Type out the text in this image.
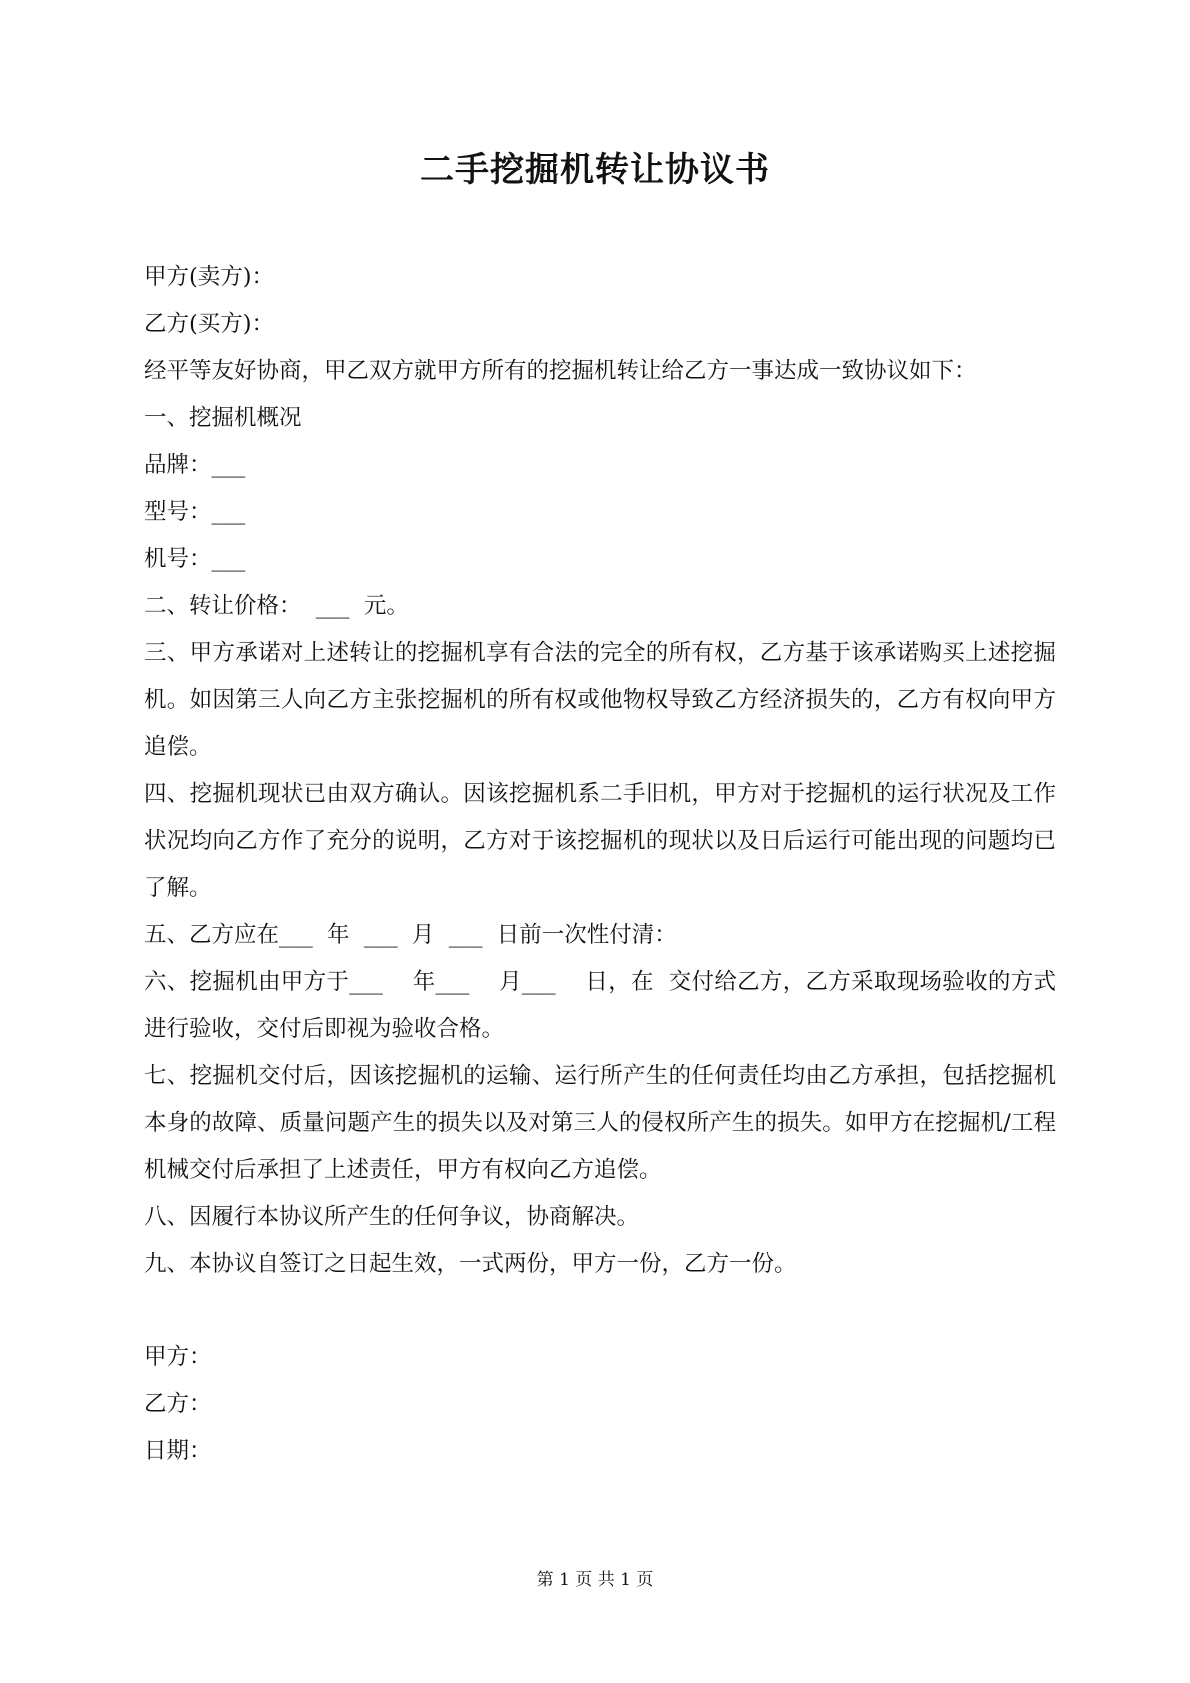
二手挖掘机转让协议书
甲方(卖方)：
乙方(买方)：
经平等友好协商，甲乙双方就甲方所有的挖掘机转让给乙方一事达成一致协议如下：
一、挖掘机概况
品牌：___
型号：___
机号：___
二、转让价格：  ___  元。
三、甲方承诺对上述转让的挖掘机享有合法的完全的所有权，乙方基于该承诺购买上述挖掘机。如因第三人向乙方主张挖掘机的所有权或他物权导致乙方经济损失的，乙方有权向甲方追偿。
四、挖掘机现状已由双方确认。因该挖掘机系二手旧机，甲方对于挖掘机的运行状况及工作状况均向乙方作了充分的说明，乙方对于该挖掘机的现状以及日后运行可能出现的问题均已了解。
五、乙方应在___  年  ___  月  ___  日前一次性付清：
六、挖掘机由甲方于___    年___    月___    日，在  交付给乙方，乙方采取现场验收的方式进行验收，交付后即视为验收合格。
七、挖掘机交付后，因该挖掘机的运输、运行所产生的任何责任均由乙方承担，包括挖掘机本身的故障、质量问题产生的损失以及对第三人的侵权所产生的损失。如甲方在挖掘机/工程机械交付后承担了上述责任，甲方有权向乙方追偿。
八、因履行本协议所产生的任何争议，协商解决。
九、本协议自签订之日起生效，一式两份，甲方一份，乙方一份。
甲方：
乙方：
日期：
第 1 页 共 1 页
